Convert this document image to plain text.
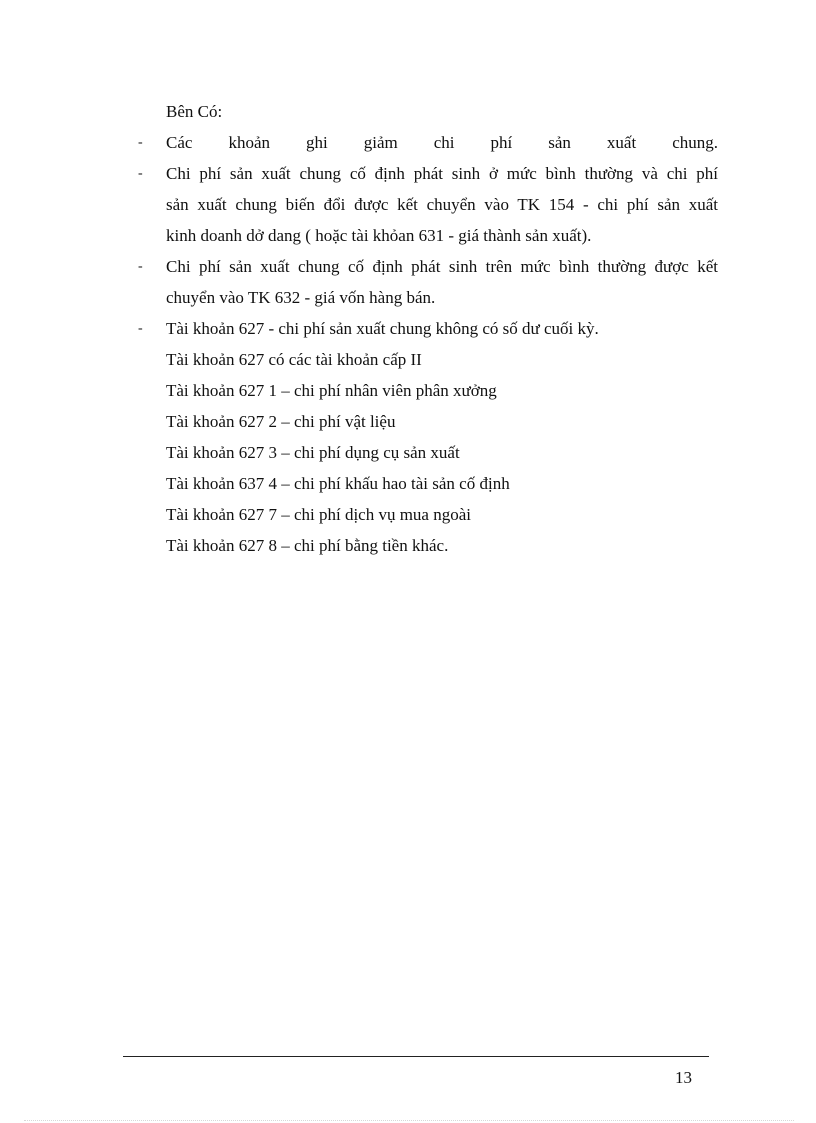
Bên Có:
-	Các khoản ghi giảm chi phí sản xuất chung.
-	Chi phí sản xuất chung cố định phát sinh ở mức bình thường và chi phí
sản xuất chung biến đổi được kết chuyển vào TK 154 - chi phí sản xuất
kinh doanh dở dang ( hoặc tài khỏan 631 - giá thành sản xuất).
-	Chi phí sản xuất chung cố định phát sinh trên mức bình thường được kết
chuyển vào TK 632 - giá vốn hàng bán.
-	Tài khoản 627 - chi phí sản xuất chung không có số dư cuối kỳ.
Tài khoản 627 có các tài khoản cấp II
Tài khoản 627 1 – chi phí nhân viên phân xưởng
Tài khoản 627 2 – chi phí vật liệu
Tài khoản 627 3 – chi phí dụng cụ sản xuất
Tài khoản 637 4 – chi phí khấu hao tài sản cố định
Tài khoản 627 7 – chi phí dịch vụ mua ngoài
Tài khoản 627 8 – chi phí bằng tiền khác.
13
